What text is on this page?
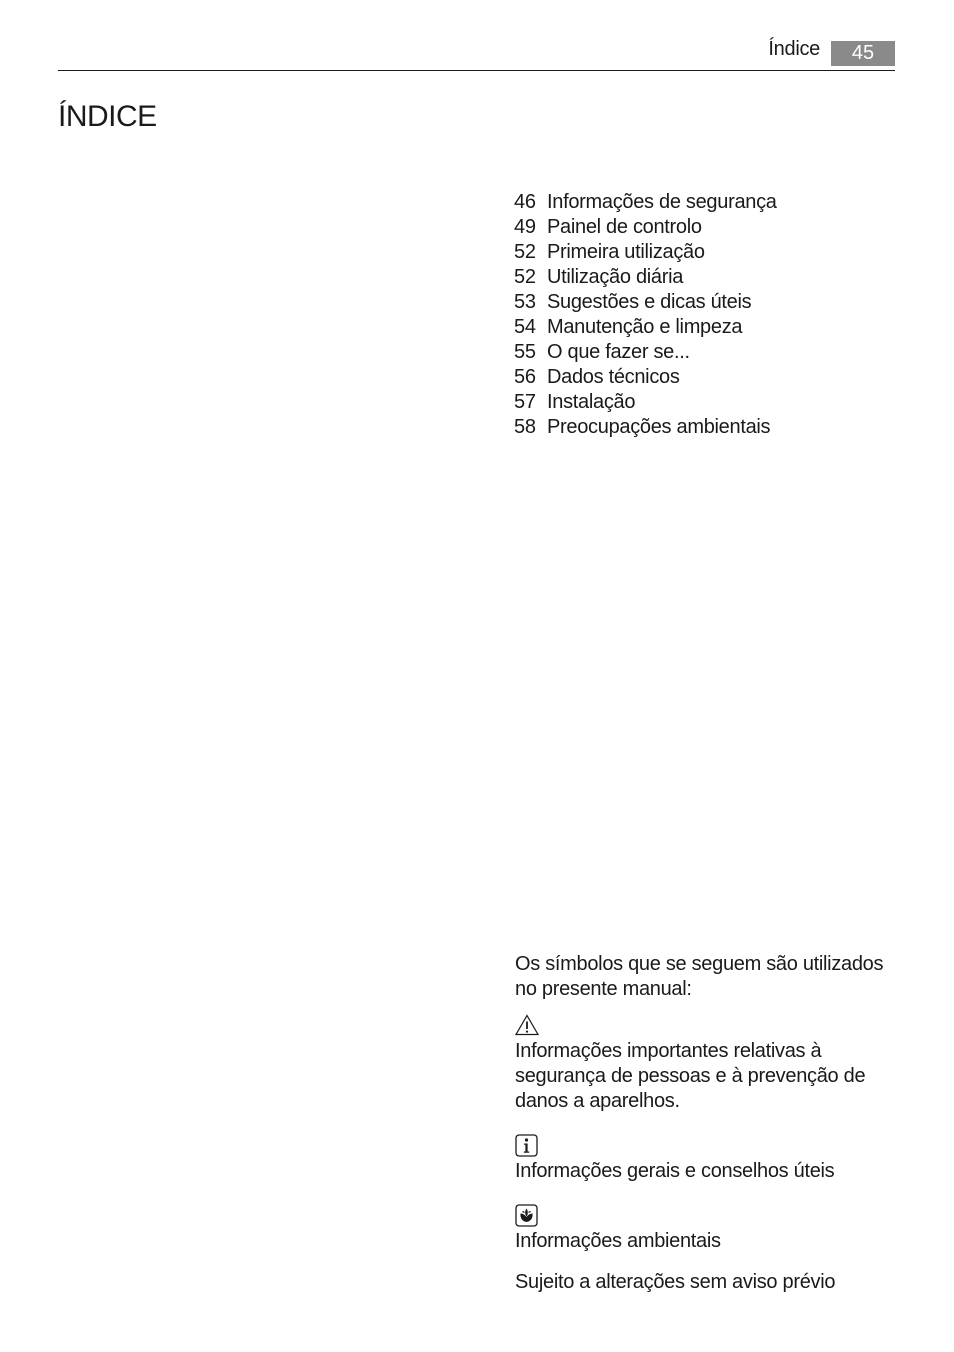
Índice	45
ÍNDICE
46 Informações de segurança
49 Painel de controlo
52 Primeira utilização
52 Utilização diária
53 Sugestões e dicas úteis
54 Manutenção e limpeza
55 O que fazer se...
56 Dados técnicos
57 Instalação
58 Preocupações ambientais

Os símbolos que se seguem são utilizados no presente manual:

Informações importantes relativas à segurança de pessoas e à prevenção de danos a aparelhos.

Informações gerais e conselhos úteis

Informações ambientais

Sujeito a alterações sem aviso prévio
